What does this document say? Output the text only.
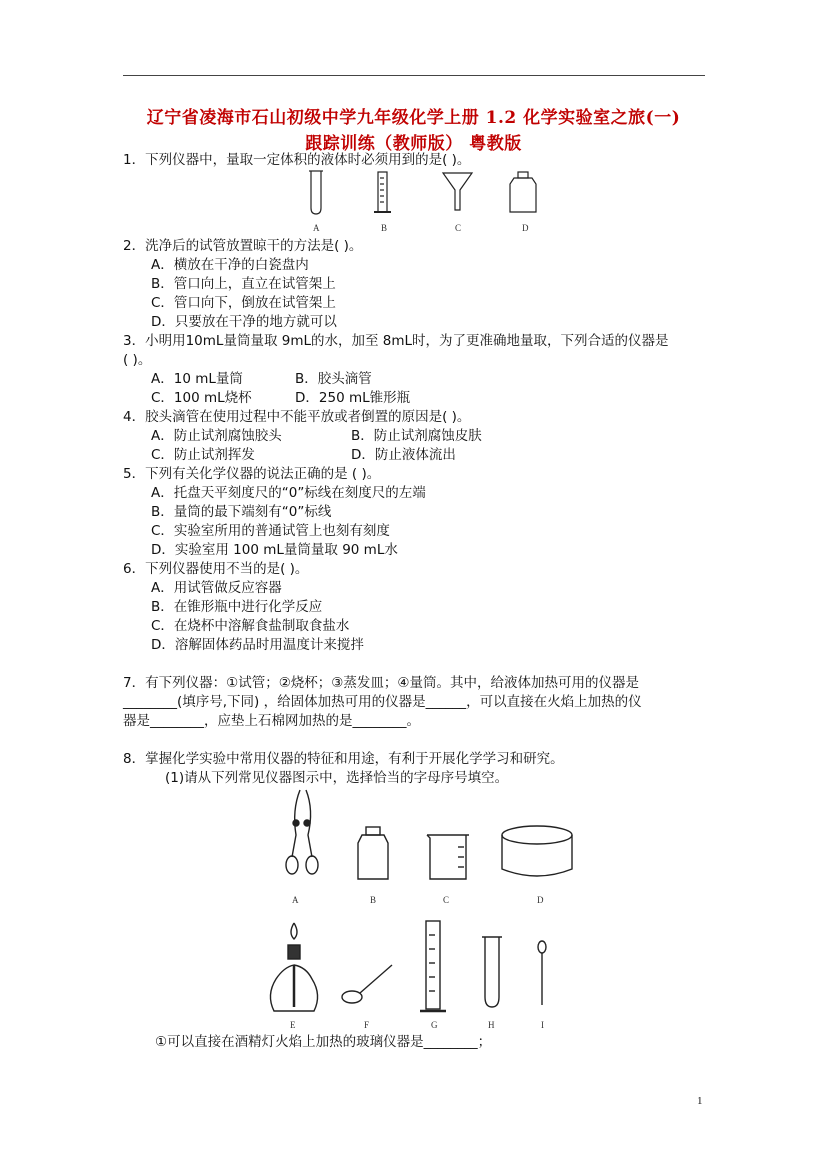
辽宁省凌海市石山初级中学九年级化学上册 1.2 化学实验室之旅(一)
跟踪训练（教师版） 粤教版
1．下列仪器中，量取一定体积的液体时必须用到的是( )。
A	B	C	D
2．洗净后的试管放置晾干的方法是( )。
A．横放在干净的白瓷盘内
B．管口向上，直立在试管架上
C．管口向下，倒放在试管架上
D．只要放在干净的地方就可以
3．小明用10mL量筒量取 9mL的水，加至 8mL时，为了更准确地量取，下列合适的仪器是
( )。
A．10 mL量筒	B．胶头滴管
C．100 mL烧杯	D．250 mL锥形瓶
4．胶头滴管在使用过程中不能平放或者倒置的原因是( )。
A．防止试剂腐蚀胶头	B．防止试剂腐蚀皮肤
C．防止试剂挥发	D．防止液体流出
5．下列有关化学仪器的说法正确的是 ( )。
A．托盘天平刻度尺的“0”标线在刻度尺的左端
B．量筒的最下端刻有“0”标线
C．实验室所用的普通试管上也刻有刻度
D．实验室用 100 mL量筒量取 90 mL水
6．下列仪器使用不当的是( )。
A．用试管做反应容器
B．在锥形瓶中进行化学反应
C．在烧杯中溶解食盐制取食盐水
D．溶解固体药品时用温度计来搅拌
7．有下列仪器：①试管；②烧杯；③蒸发皿；④量筒。其中，给液体加热可用的仪器是
________(填序号,下同) ，给固体加热可用的仪器是______，可以直接在火焰上加热的仪
器是________，应垫上石棉网加热的是________。
8．掌握化学实验中常用仪器的特征和用途，有利于开展化学学习和研究。
(1)请从下列常见仪器图示中，选择恰当的字母序号填空。
A	B	C	D
E	F	G	H	I
①可以直接在酒精灯火焰上加热的玻璃仪器是________；
1
